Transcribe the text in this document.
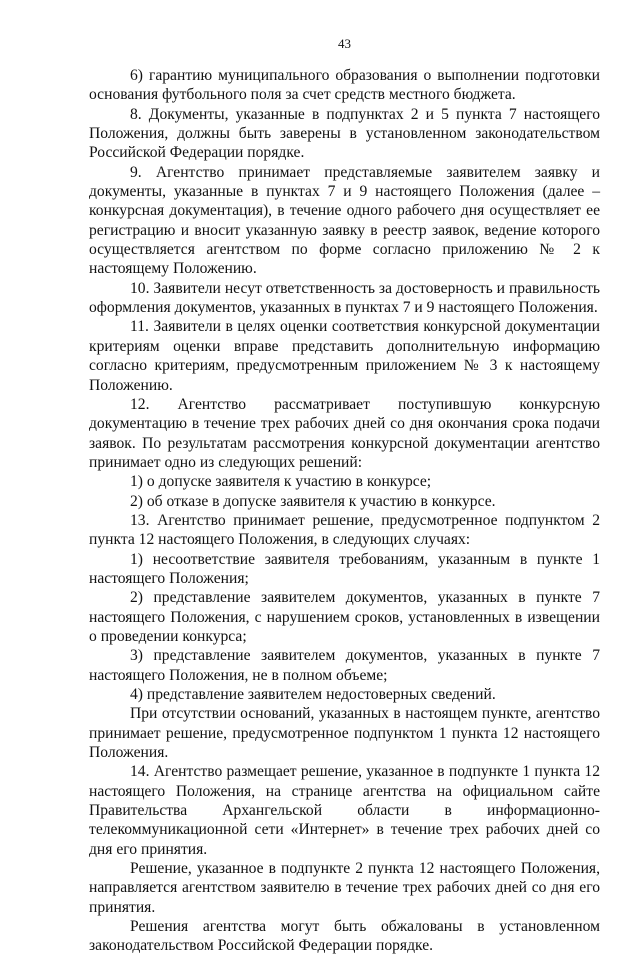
43

6) гарантию муниципального образования о выполнении подготовки основания футбольного поля за счет средств местного бюджета.

8. Документы, указанные в подпунктах 2 и 5 пункта 7 настоящего Положения, должны быть заверены в установленном законодательством Российской Федерации порядке.

9. Агентство принимает представляемые заявителем заявку и документы, указанные в пунктах 7 и 9 настоящего Положения (далее – конкурсная документация), в течение одного рабочего дня осуществляет ее регистрацию и вносит указанную заявку в реестр заявок, ведение которого осуществляется агентством по форме согласно приложению № 2 к настоящему Положению.

10. Заявители несут ответственность за достоверность и правильность оформления документов, указанных в пунктах 7 и 9 настоящего Положения.

11. Заявители в целях оценки соответствия конкурсной документации критериям оценки вправе представить дополнительную информацию согласно критериям, предусмотренным приложением № 3 к настоящему Положению.

12. Агентство рассматривает поступившую конкурсную документацию в течение трех рабочих дней со дня окончания срока подачи заявок. По результатам рассмотрения конкурсной документации агентство принимает одно из следующих решений:

1) о допуске заявителя к участию в конкурсе;

2) об отказе в допуске заявителя к участию в конкурсе.

13. Агентство принимает решение, предусмотренное подпунктом 2 пункта 12 настоящего Положения, в следующих случаях:

1) несоответствие заявителя требованиям, указанным в пункте 1 настоящего Положения;

2) представление заявителем документов, указанных в пункте 7 настоящего Положения, с нарушением сроков, установленных в извещении о проведении конкурса;

3) представление заявителем документов, указанных в пункте 7 настоящего Положения, не в полном объеме;

4) представление заявителем недостоверных сведений.

При отсутствии оснований, указанных в настоящем пункте, агентство принимает решение, предусмотренное подпунктом 1 пункта 12 настоящего Положения.

14. Агентство размещает решение, указанное в подпункте 1 пункта 12 настоящего Положения, на странице агентства на официальном сайте Правительства Архангельской области в информационно-телекоммуникационной сети «Интернет» в течение трех рабочих дней со дня его принятия.

Решение, указанное в подпункте 2 пункта 12 настоящего Положения, направляется агентством заявителю в течение трех рабочих дней со дня его принятия.

Решения агентства могут быть обжалованы в установленном законодательством Российской Федерации порядке.
